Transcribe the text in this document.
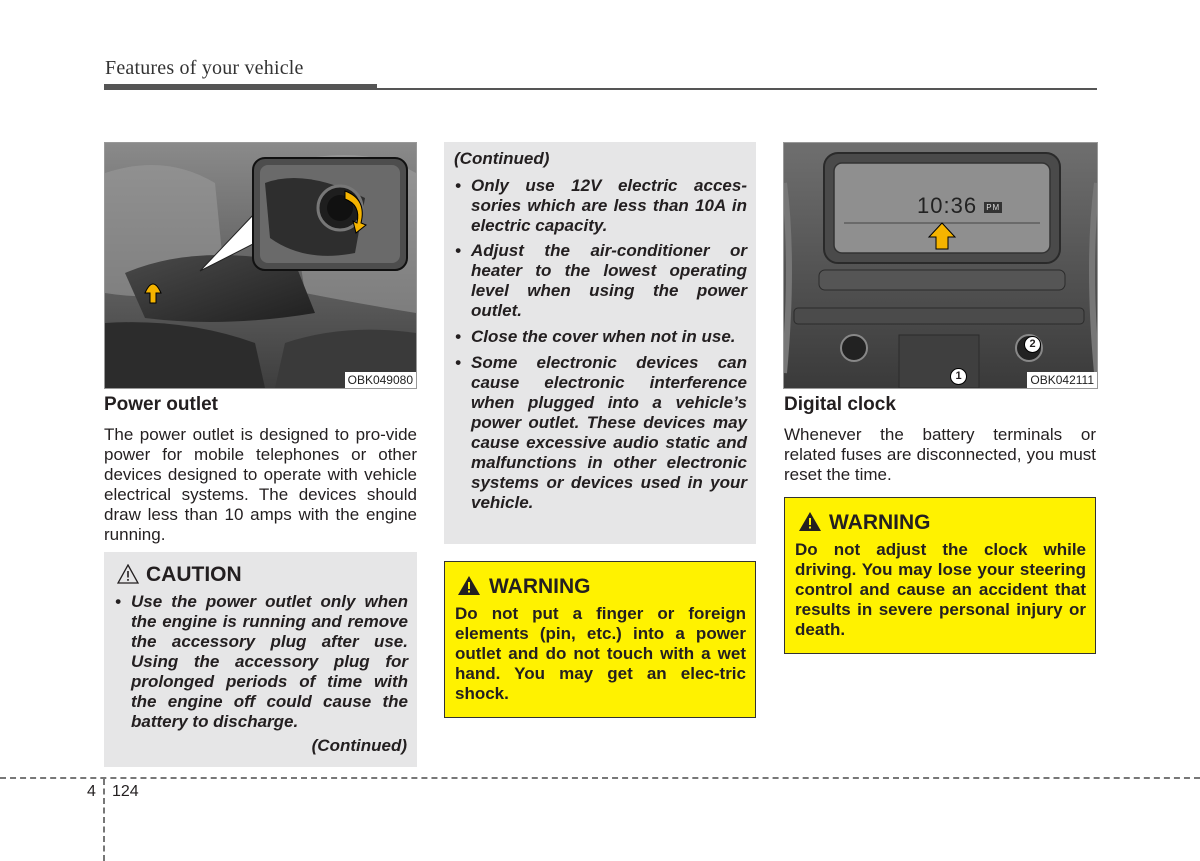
Features of your vehicle
OBK049080
Power outlet
The power outlet is designed to pro-vide power for mobile telephones or other devices designed to operate with vehicle electrical systems. The devices should draw less than 10 amps with the engine running.
CAUTION

• Use the power outlet only when the engine is running and remove the accessory plug after use. Using the accessory plug for prolonged periods of time with the engine off could cause the battery to discharge.

(Continued)
(Continued)

• Only use 12V electric acces-sories which are less than 10A in electric capacity.

• Adjust the air-conditioner or heater to the lowest operating level when using the power outlet.

• Close the cover when not in use.

• Some electronic devices can cause electronic interference when plugged into a vehicle’s power outlet. These devices may cause excessive audio static and malfunctions in other electronic systems or devices used in your vehicle.

WARNING
Do not put a finger or foreign elements (pin, etc.) into a power outlet and do not touch with a wet hand. You may get an elec-tric shock.
10:36 PM
1
2
OBK042111
Digital clock
Whenever the battery terminals or related fuses are disconnected, you must reset the time.
WARNING
Do not adjust the clock while driving. You may lose your steering control and cause an accident that results in severe personal injury or death.
4 124
